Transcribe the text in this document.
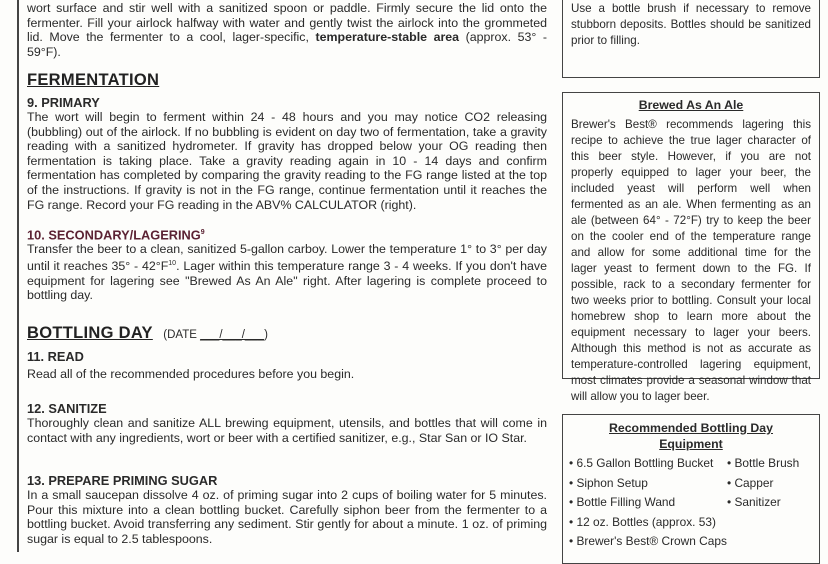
wort surface and stir well with a sanitized spoon or paddle. Firmly secure the lid onto the fermenter. Fill your airlock halfway with water and gently twist the airlock into the grommeted lid. Move the fermenter to a cool, lager-specific, temperature-stable area (approx. 53° - 59°F).

FERMENTATION
9. PRIMARY

The wort will begin to ferment within 24 - 48 hours and you may notice CO2 releasing (bubbling) out of the airlock. If no bubbling is evident on day two of fermentation, take a gravity reading with a sanitized hydrometer. If gravity has dropped below your OG reading then fermentation is taking place. Take a gravity reading again in 10 - 14 days and confirm fermentation has completed by comparing the gravity reading to the FG range listed at the top of the instructions. If gravity is not in the FG range, continue fermentation until it reaches the FG range. Record your FG reading in the ABV% CALCULATOR (right).

10. SECONDARY/LAGERING$^9$

Transfer the beer to a clean, sanitized 5-gallon carboy. Lower the temperature 1° to 3° per day until it reaches $35^\circ - 42^\circ F^{10}$. Lager within this temperature range 3 - 4 weeks. If you don't have equipment for lagering see "Brewed As An Ale" right. After lagering is complete proceed to bottling day.

BOTTLING DAY (DATE ___/___/___)
11. READ

Read all of the recommended procedures before you begin.

12. SANITIZE

Thoroughly clean and sanitize ALL brewing equipment, utensils, and bottles that will come in contact with any ingredients, wort or beer with a certified sanitizer, e.g., Star San or IO Star.

13. PREPARE PRIMING SUGAR

In a small saucepan dissolve 4 oz. of priming sugar into 2 cups of boiling water for 5 minutes. Pour this mixture into a clean bottling bucket. Carefully siphon beer from the fermenter to a bottling bucket. Avoid transferring any sediment. Stir gently for about a minute. 1 oz. of priming sugar is equal to 2.5 tablespoons.

Use a bottle brush if necessary to remove stubborn deposits. Bottles should be sanitized prior to filling.

Brewed As An Ale

Brewer's Best® recommends lagering this recipe to achieve the true lager character of this beer style. However, if you are not properly equipped to lager your beer, the included yeast will perform well when fermented as an ale. When fermenting as an ale (between 64° - 72°F) try to keep the beer on the cooler end of the temperature range and allow for some additional time for the lager yeast to ferment down to the FG. If possible, rack to a secondary fermenter for two weeks prior to bottling. Consult your local homebrew shop to learn more about the equipment necessary to lager your beers. Although this method is not as accurate as temperature-controlled lagering equipment, most climates provide a seasonal window that will allow you to lager beer.

Recommended Bottling Day Equipment
• 6.5 Gallon Bottling Bucket
• Siphon Setup
• Bottle Filling Wand
• 12 oz. Bottles (approx. 53)
• Brewer's Best® Crown Caps
• Bottle Brush
• Capper
• Sanitizer
